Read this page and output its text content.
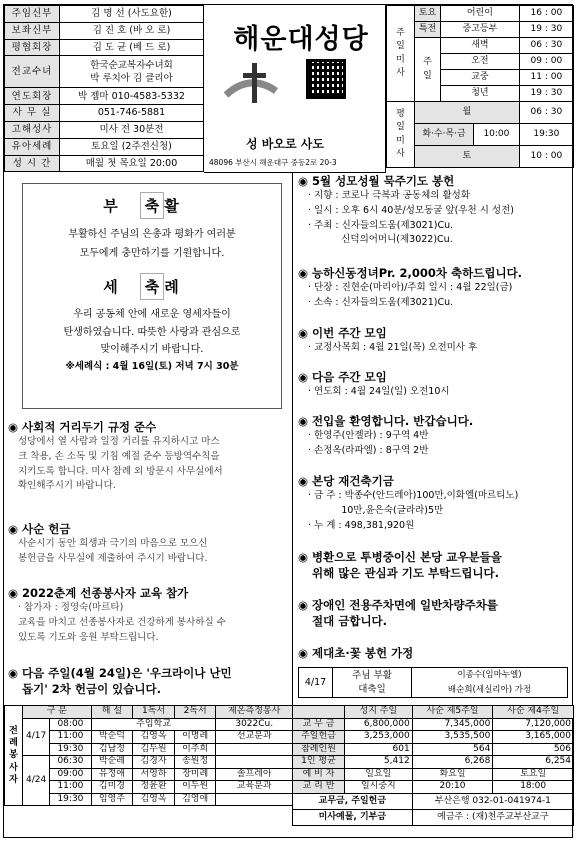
주임신부	김 명 선 (사도요한)
보좌신부	김 진 호 (바 오 로)
평협회장	김 도 균 (베 드 로)
전교수녀	한국순교복자수녀회
박 루치아 김 클리아

연도회장	박 젬마 010-4583-5332
사 무 실	051-746-5881
고해성사	미사 전 30분전
유아세례	토요일 (2주전신청)
성 시 간	매월 첫 목요일 20:00
해운대성당
성 바오로 사도
48096 부산시 해운대구 중동2로 20-3
주일미사	토요	어린이		16 : 00
	특전	중고등부		19 : 30
	주일	새벽		06 : 30
		오전		09 : 00
		교중		11 : 00
		청년		19 : 30
평일미사	월			06 : 30
	화·수·목·금		10:00	19:30
	토			10 : 00
부 축 활
부활하신 주님의 은총과 평화가 여러분
모두에게 충만하기를 기원합니다.
세 축 례
우리 공동체 안에 새로운 영세자들이
탄생하였습니다. 따뜻한 사랑과 관심으로
맞이해주시기 바랍니다.
※세례식 : 4월 16일(토) 저녁 7시 30분
◉ 사회적 거리두기 규정 준수
성당에서 열 사람과 일정 거리를 유지하시고 마스
크 착용, 손 소독 및 기침 예절 준수 등방역수칙을
지키도록 합니다. 미사 참례 외 방문시 사무실에서
확인해주시기 바랍니다.
◉ 사순 헌금
사순시기 동안 희생과 극기의 마음으로 모으신
봉헌금을 사무실에 제출하여 주시기 바랍니다.
◉ 2022춘계 선종봉사자 교육 참가
· 참가자 : 정영숙(마르타)
교육을 마치고 선종봉사자로 건강하게 봉사하실 수
있도록 기도와 응원 부탁드립니다.
◉ 다음 주일(4월 24일)은 '우크라이나 난민
돕기' 2차 헌금이 있습니다.
◉ 5월 성모성월 묵주기도 봉헌
· 지향 : 코로나 극복과 공동체의 활성화
· 일시 : 오후 6시 40분/성모동굴 앞(우천 시 성전)
· 주최 : 신자들의도움(제3021)Cu.
신덕의어머니(제3022)Cu.
◉ 능하신동정녀Pr. 2,000차 축하드립니다.
· 단장 : 진현순(마리아)/주회 일시 : 4월 22일(금)
· 소속 : 신자들의도움(제3021)Cu.
◉ 이번 주간 모임
· 교정사목회 : 4월 21일(목) 오전미사 후
◉ 다음 주간 모임
· 연도회 : 4월 24일(일) 오전10시
◉ 전입을 환영합니다. 반갑습니다.
· 한영주(안젤라) : 9구역 4반
· 손정옥(라파엘) : 8구역 2반
◉ 본당 재건축기금
· 금 주 : 박종수(안드레아)100만,이화엘(마르티노)
10만,윤은숙(글라라)5만
· 누 계 : 498,381,920원
◉ 병환으로 투병중이신 본당 교우분들을
위해 많은 관심과 기도 부탁드립니다.
◉ 장애인 전용주차면에 일반차량주차를
절대 금합니다.
◉ 제대초·꽃 봉헌 가정
4/17	주님 부활	이종수(임마누엘)
	대축일	배순희(세실리아) 가정
전례봉사자	구 분		해 설	1독서	2독서	제온측정봉사
	4/17	08:00	주임학교			3022Cu.
		11:00	박순덕	김영옥	이명례	선교분과
		19:30	김남정	김두원	이주희	
	4/24	06:30	박순례	김경자	송원정	
		09:00	유정애	서영하	장미례	솔프레아
		11:00	김미경	정윤환	이두원	교육분과
		19:30	임영주	김영옥	김영애	
	성지 주일	사순 제5주일	사순 제4주일
교 무 금	6,800,000	7,345,000	7,120,000
주일헌금	3,253,000	3,535,500	3,165,000
참례인원	601	564	506
1인 평균	5,412	6,268	6,254
예 비 자	일요일	화요일	토요일
교 리 반	일시중지	20:10	18:00
교무금, 주일헌금		부산은행 032-01-041974-1	
미사예물, 기부금		예금주 : (재)천주교부산교구	
